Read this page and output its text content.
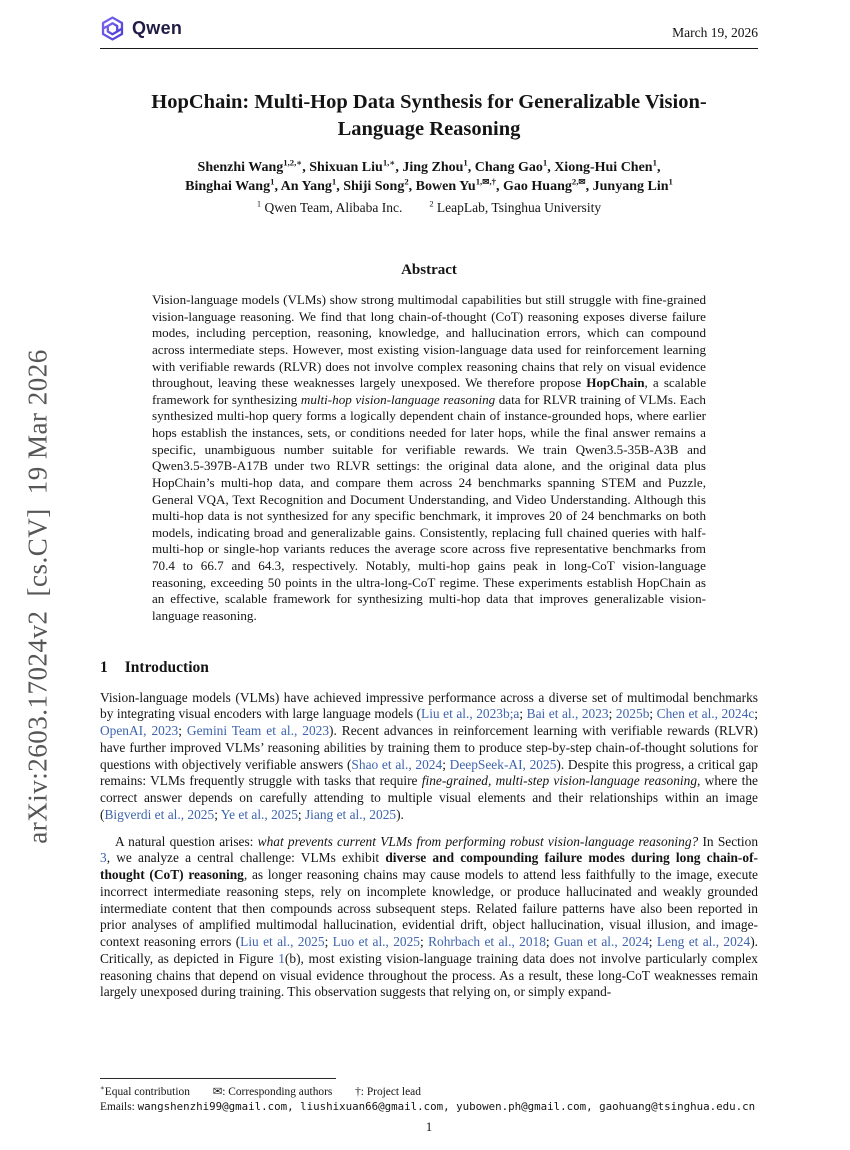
arXiv:2603.17024v2 [cs.CV] 19 Mar 2026
Qwen	March 19, 2026
HopChain: Multi-Hop Data Synthesis for Generalizable Vision-Language Reasoning
Shenzhi Wang$^{1,2,∗}$, Shixuan Liu$^{1,∗}$, Jing Zhou$^1$, Chang Gao$^1$, Xiong-Hui Chen$^1$,
Binghai Wang$^1$, An Yang$^1$, Shiji Song$^2$, Bowen $Yu^{1,✉,\dagger}$, Gao Huang$^{2,✉}$, Junyang Lin$^1$
$^1$ Qwen Team, Alibaba Inc.  $^2$ LeapLab, Tsinghua University
Abstract

Vision-language models (VLMs) show strong multimodal capabilities but still struggle with fine-grained vision-language reasoning. We find that long chain-of-thought (CoT) reasoning exposes diverse failure modes, including perception, reasoning, knowledge, and hallucination errors, which can compound across intermediate steps. However, most existing vision-language data used for reinforcement learning with verifiable rewards (RLVR) does not involve complex reasoning chains that rely on visual evidence throughout, leaving these weaknesses largely unexposed. We therefore propose HopChain, a scalable framework for synthesizing multi-hop vision-language reasoning data for RLVR training of VLMs. Each synthesized multi-hop query forms a logically dependent chain of instance-grounded hops, where earlier hops establish the instances, sets, or conditions needed for later hops, while the final answer remains a specific, unambiguous number suitable for verifiable rewards. We train Qwen3.5-35B-A3B and Qwen3.5-397B-A17B under two RLVR settings: the original data alone, and the original data plus HopChain’s multi-hop data, and compare them across 24 benchmarks spanning STEM and Puzzle, General VQA, Text Recognition and Document Understanding, and Video Understanding. Although this multi-hop data is not synthesized for any specific benchmark, it improves 20 of 24 benchmarks on both models, indicating broad and generalizable gains. Consistently, replacing full chained queries with half-multi-hop or single-hop variants reduces the average score across five representative benchmarks from 70.4 to 66.7 and 64.3, respectively. Notably, multi-hop gains peak in long-CoT vision-language reasoning, exceeding 50 points in the ultra-long-CoT regime. These experiments establish HopChain as an effective, scalable framework for synthesizing multi-hop data that improves generalizable vision-language reasoning.

1 Introduction

Vision-language models (VLMs) have achieved impressive performance across a diverse set of multimodal benchmarks by integrating visual encoders with large language models (Liu et al., 2023b;a; Bai et al., 2023; 2025b; Chen et al., 2024c; OpenAI, 2023; Gemini Team et al., 2023). Recent advances in reinforcement learning with verifiable rewards (RLVR) have further improved VLMs’ reasoning abilities by training them to produce step-by-step chain-of-thought solutions for questions with objectively verifiable answers (Shao et al., 2024; DeepSeek-AI, 2025). Despite this progress, a critical gap remains: VLMs frequently struggle with tasks that require fine-grained, multi-step vision-language reasoning, where the correct answer depends on carefully attending to multiple visual elements and their relationships within an image (Bigverdi et al., 2025; Ye et al., 2025; Jiang et al., 2025).

A natural question arises: what prevents current VLMs from performing robust vision-language reasoning? In Section 3, we analyze a central challenge: VLMs exhibit diverse and compounding failure modes during long chain-of-thought (CoT) reasoning, as longer reasoning chains may cause models to attend less faithfully to the image, execute incorrect intermediate reasoning steps, rely on incomplete knowledge, or produce hallucinated and weakly grounded intermediate content that then compounds across subsequent steps. Related failure patterns have also been reported in prior analyses of amplified multimodal hallucination, evidential drift, object hallucination, visual illusion, and image-context reasoning errors (Liu et al., 2025; Luo et al., 2025; Rohrbach et al., 2018; Guan et al., 2024; Leng et al., 2024). Critically, as depicted in Figure 1(b), most existing vision-language training data does not involve particularly complex reasoning chains that depend on visual evidence throughout the process. As a result, these long-CoT weaknesses remain largely unexposed during training. This observation suggests that relying on, or simply expand-

∗Equal contribution   ✉: Corresponding authors   †: Project lead
Emails: wangshenzhi99@gmail.com, liushixuan66@gmail.com, yubowen.ph@gmail.com, gaohuang@tsinghua.edu.cn
1
